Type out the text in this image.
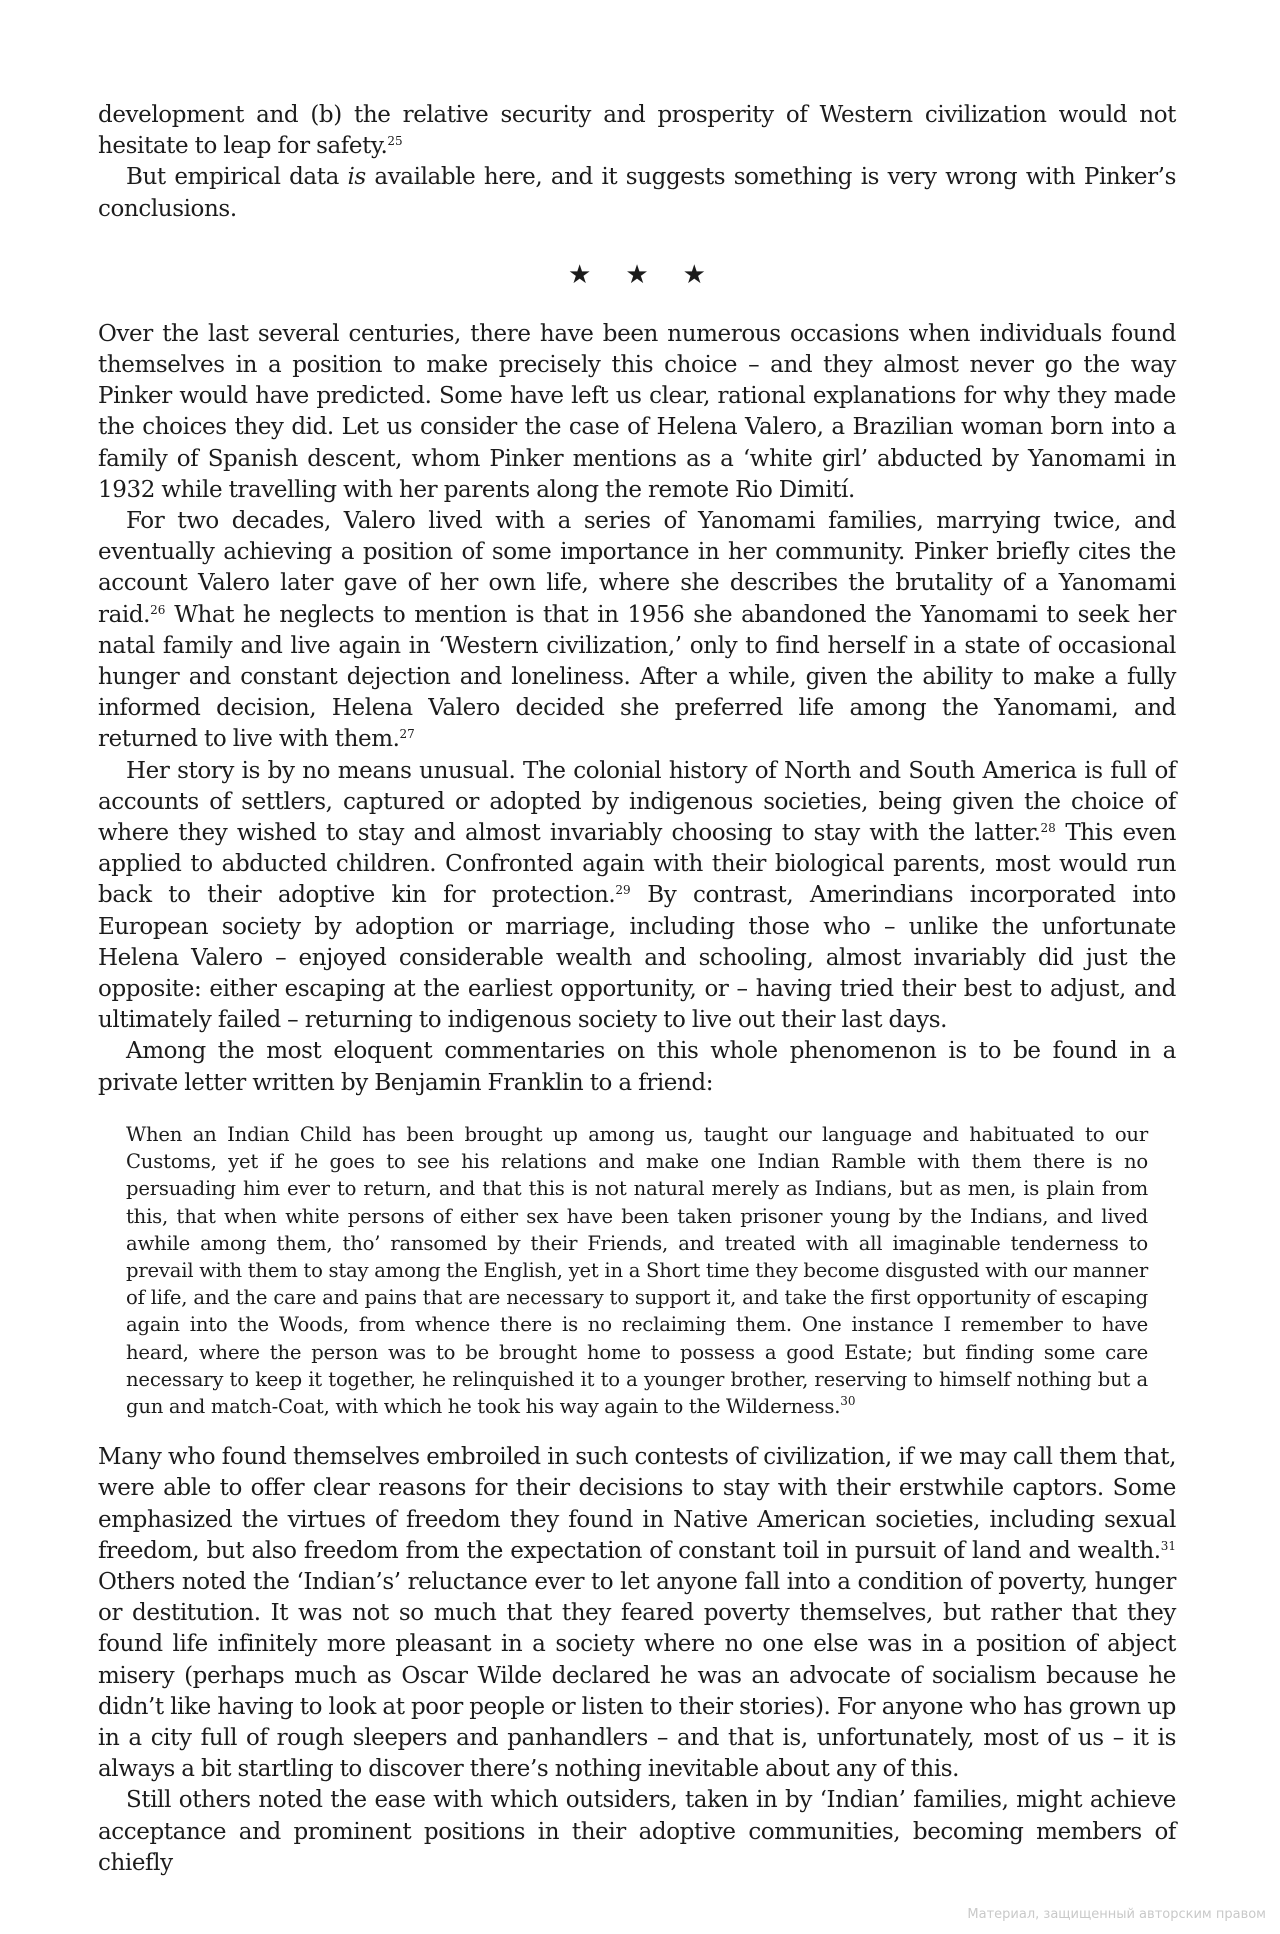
development and (b) the relative security and prosperity of Western civilization would not hesitate to leap for safety.$^{25}$

But empirical data is available here, and it suggests something is very wrong with Pinker’s conclusions.

★★★

Over the last several centuries, there have been numerous occasions when individuals found themselves in a position to make precisely this choice – and they almost never go the way Pinker would have predicted. Some have left us clear, rational explanations for why they made the choices they did. Let us consider the case of Helena Valero, a Brazilian woman born into a family of Spanish descent, whom Pinker mentions as a ‘white girl’ abducted by Yanomami in 1932 while travelling with her parents along the remote Rio Dimití.

For two decades, Valero lived with a series of Yanomami families, marrying twice, and eventually achieving a position of some importance in her community. Pinker briefly cites the account Valero later gave of her own life, where she describes the brutality of a Yanomami raid.$^{26}$ What he neglects to mention is that in 1956 she abandoned the Yanomami to seek her natal family and live again in ‘Western civilization,’ only to find herself in a state of occasional hunger and constant dejection and loneliness. After a while, given the ability to make a fully informed decision, Helena Valero decided she preferred life among the Yanomami, and returned to live with them.$^{27}$

Her story is by no means unusual. The colonial history of North and South America is full of accounts of settlers, captured or adopted by indigenous societies, being given the choice of where they wished to stay and almost invariably choosing to stay with the latter.$^{28}$ This even applied to abducted children. Confronted again with their biological parents, most would run back to their adoptive kin for protection.$^{29}$ By contrast, Amerindians incorporated into European society by adoption or marriage, including those who – unlike the unfortunate Helena Valero – enjoyed considerable wealth and schooling, almost invariably did just the opposite: either escaping at the earliest opportunity, or – having tried their best to adjust, and ultimately failed – returning to indigenous society to live out their last days.

Among the most eloquent commentaries on this whole phenomenon is to be found in a private letter written by Benjamin Franklin to a friend:

When an Indian Child has been brought up among us, taught our language and habituated to our Customs, yet if he goes to see his relations and make one Indian Ramble with them there is no persuading him ever to return, and that this is not natural merely as Indians, but as men, is plain from this, that when white persons of either sex have been taken prisoner young by the Indians, and lived awhile among them, tho’ ransomed by their Friends, and treated with all imaginable tenderness to prevail with them to stay among the English, yet in a Short time they become disgusted with our manner of life, and the care and pains that are necessary to support it, and take the first opportunity of escaping again into the Woods, from whence there is no reclaiming them. One instance I remember to have heard, where the person was to be brought home to possess a good Estate; but finding some care necessary to keep it together, he relinquished it to a younger brother, reserving to himself nothing but a gun and match-Coat, with which he took his way again to the Wilderness.$^{30}$

Many who found themselves embroiled in such contests of civilization, if we may call them that, were able to offer clear reasons for their decisions to stay with their erstwhile captors. Some emphasized the virtues of freedom they found in Native American societies, including sexual freedom, but also freedom from the expectation of constant toil in pursuit of land and wealth.$^{31}$ Others noted the ‘Indian’s’ reluctance ever to let anyone fall into a condition of poverty, hunger or destitution. It was not so much that they feared poverty themselves, but rather that they found life infinitely more pleasant in a society where no one else was in a position of abject misery (perhaps much as Oscar Wilde declared he was an advocate of socialism because he didn’t like having to look at poor people or listen to their stories). For anyone who has grown up in a city full of rough sleepers and panhandlers – and that is, unfortunately, most of us – it is always a bit startling to discover there’s nothing inevitable about any of this.

Still others noted the ease with which outsiders, taken in by ‘Indian’ families, might achieve acceptance and prominent positions in their adoptive communities, becoming members of chiefly

Материал, защищенный авторским правом
